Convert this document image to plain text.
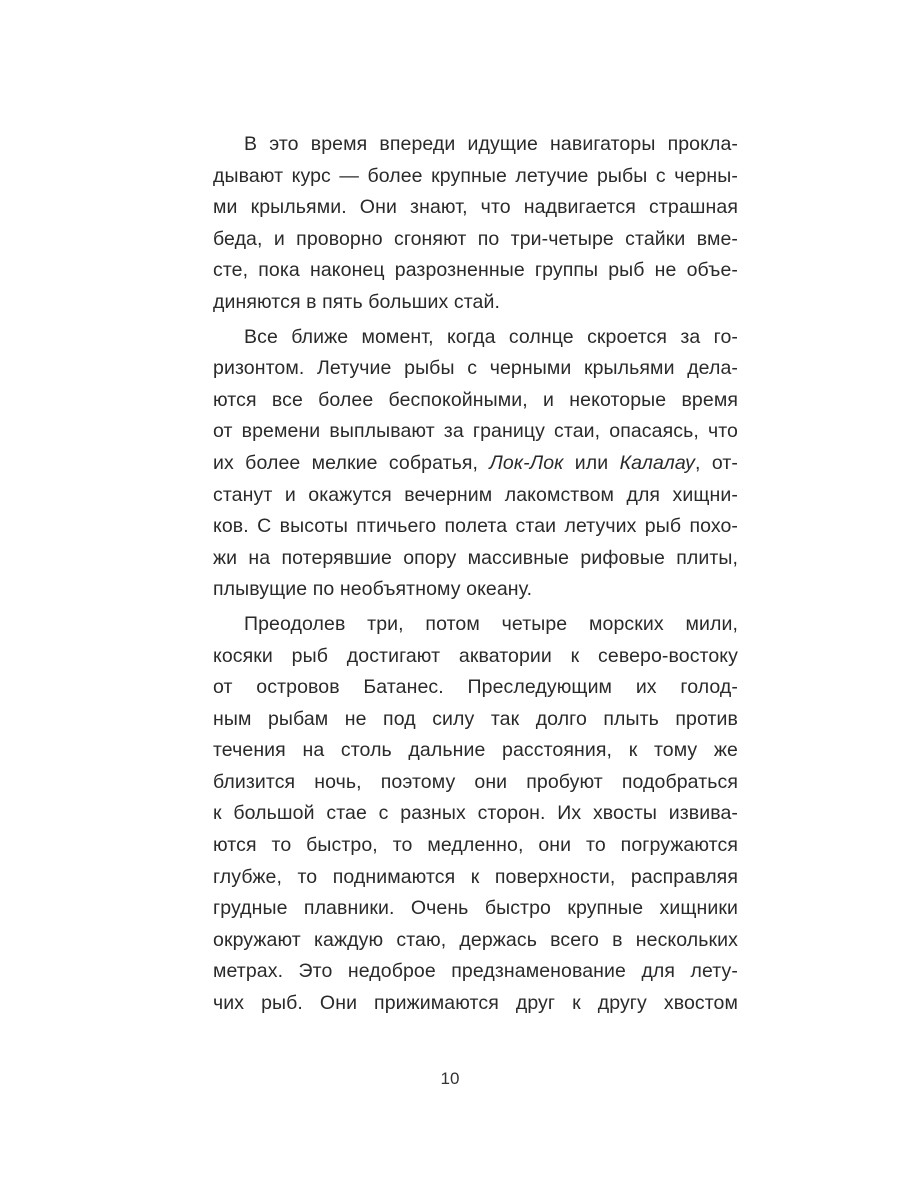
В это время впереди идущие навигаторы прокла-
дывают курс — более крупные летучие рыбы с черны-
ми крыльями. Они знают, что надвигается страшная
беда, и проворно сгоняют по три-четыре стайки вме-
сте, пока наконец разрозненные группы рыб не объе-
диняются в пять больших стай.
Все ближе момент, когда солнце скроется за го-
ризонтом. Летучие рыбы с черными крыльями дела-
ются все более беспокойными, и некоторые время
от времени выплывают за границу стаи, опасаясь, что
их более мелкие собратья, Лок-Лок или Калалау, от-
станут и окажутся вечерним лакомством для хищни-
ков. С высоты птичьего полета стаи летучих рыб похо-
жи на потерявшие опору массивные рифовые плиты,
плывущие по необъятному океану.
Преодолев три, потом четыре морских мили,
косяки рыб достигают акватории к северо-востоку
от островов Батанес. Преследующим их голод-
ным рыбам не под силу так долго плыть против
течения на столь дальние расстояния, к тому же
близится ночь, поэтому они пробуют подобраться
к большой стае с разных сторон. Их хвосты извива-
ются то быстро, то медленно, они то погружаются
глубже, то поднимаются к поверхности, расправляя
грудные плавники. Очень быстро крупные хищники
окружают каждую стаю, держась всего в нескольких
метрах. Это недоброе предзнаменование для лету-
чих рыб. Они прижимаются друг к другу хвостом
10
